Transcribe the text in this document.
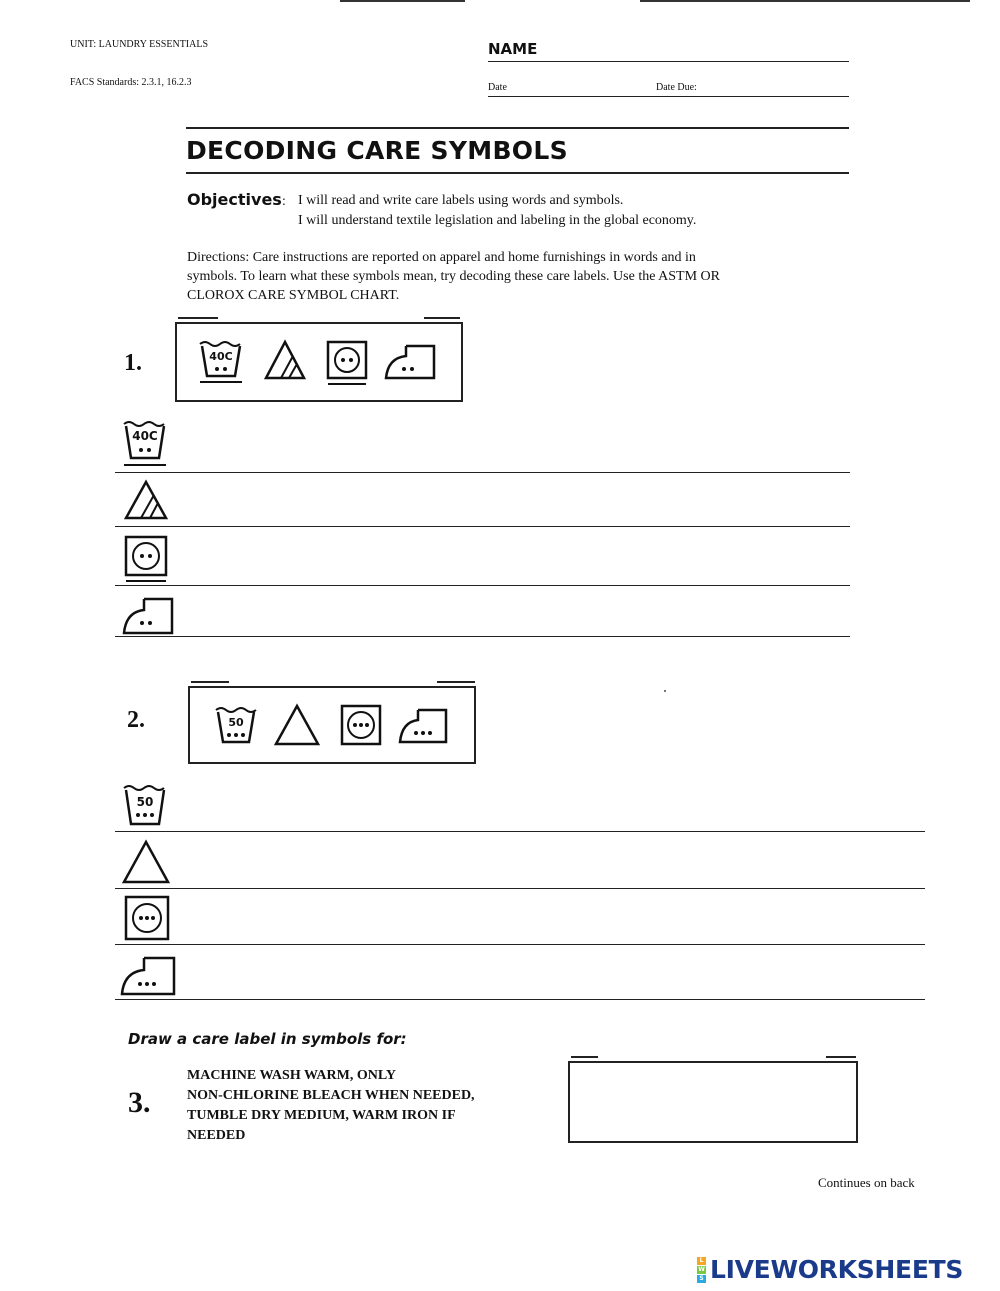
UNIT: LAUNDRY ESSENTIALS
FACS Standards: 2.3.1, 16.2.3
NAME
Date	Date Due:
DECODING CARE SYMBOLS
Objectives: I will read and write care labels using words and symbols.
I will understand textile legislation and labeling in the global economy.
Directions: Care instructions are reported on apparel and home furnishings in words and in
symbols. To learn what these symbols mean, try decoding these care labels. Use the ASTM OR
CLOROX CARE SYMBOL CHART.
1.	40C
40C
2.	50
50
Draw a care label in symbols for:
3.
MACHINE WASH WARM, ONLY
NON-CHLORINE BLEACH WHEN NEEDED,
TUMBLE DRY MEDIUM, WARM IRON IF
NEEDED
Continues on back
L
W
S LIVEWORKSHEETS
